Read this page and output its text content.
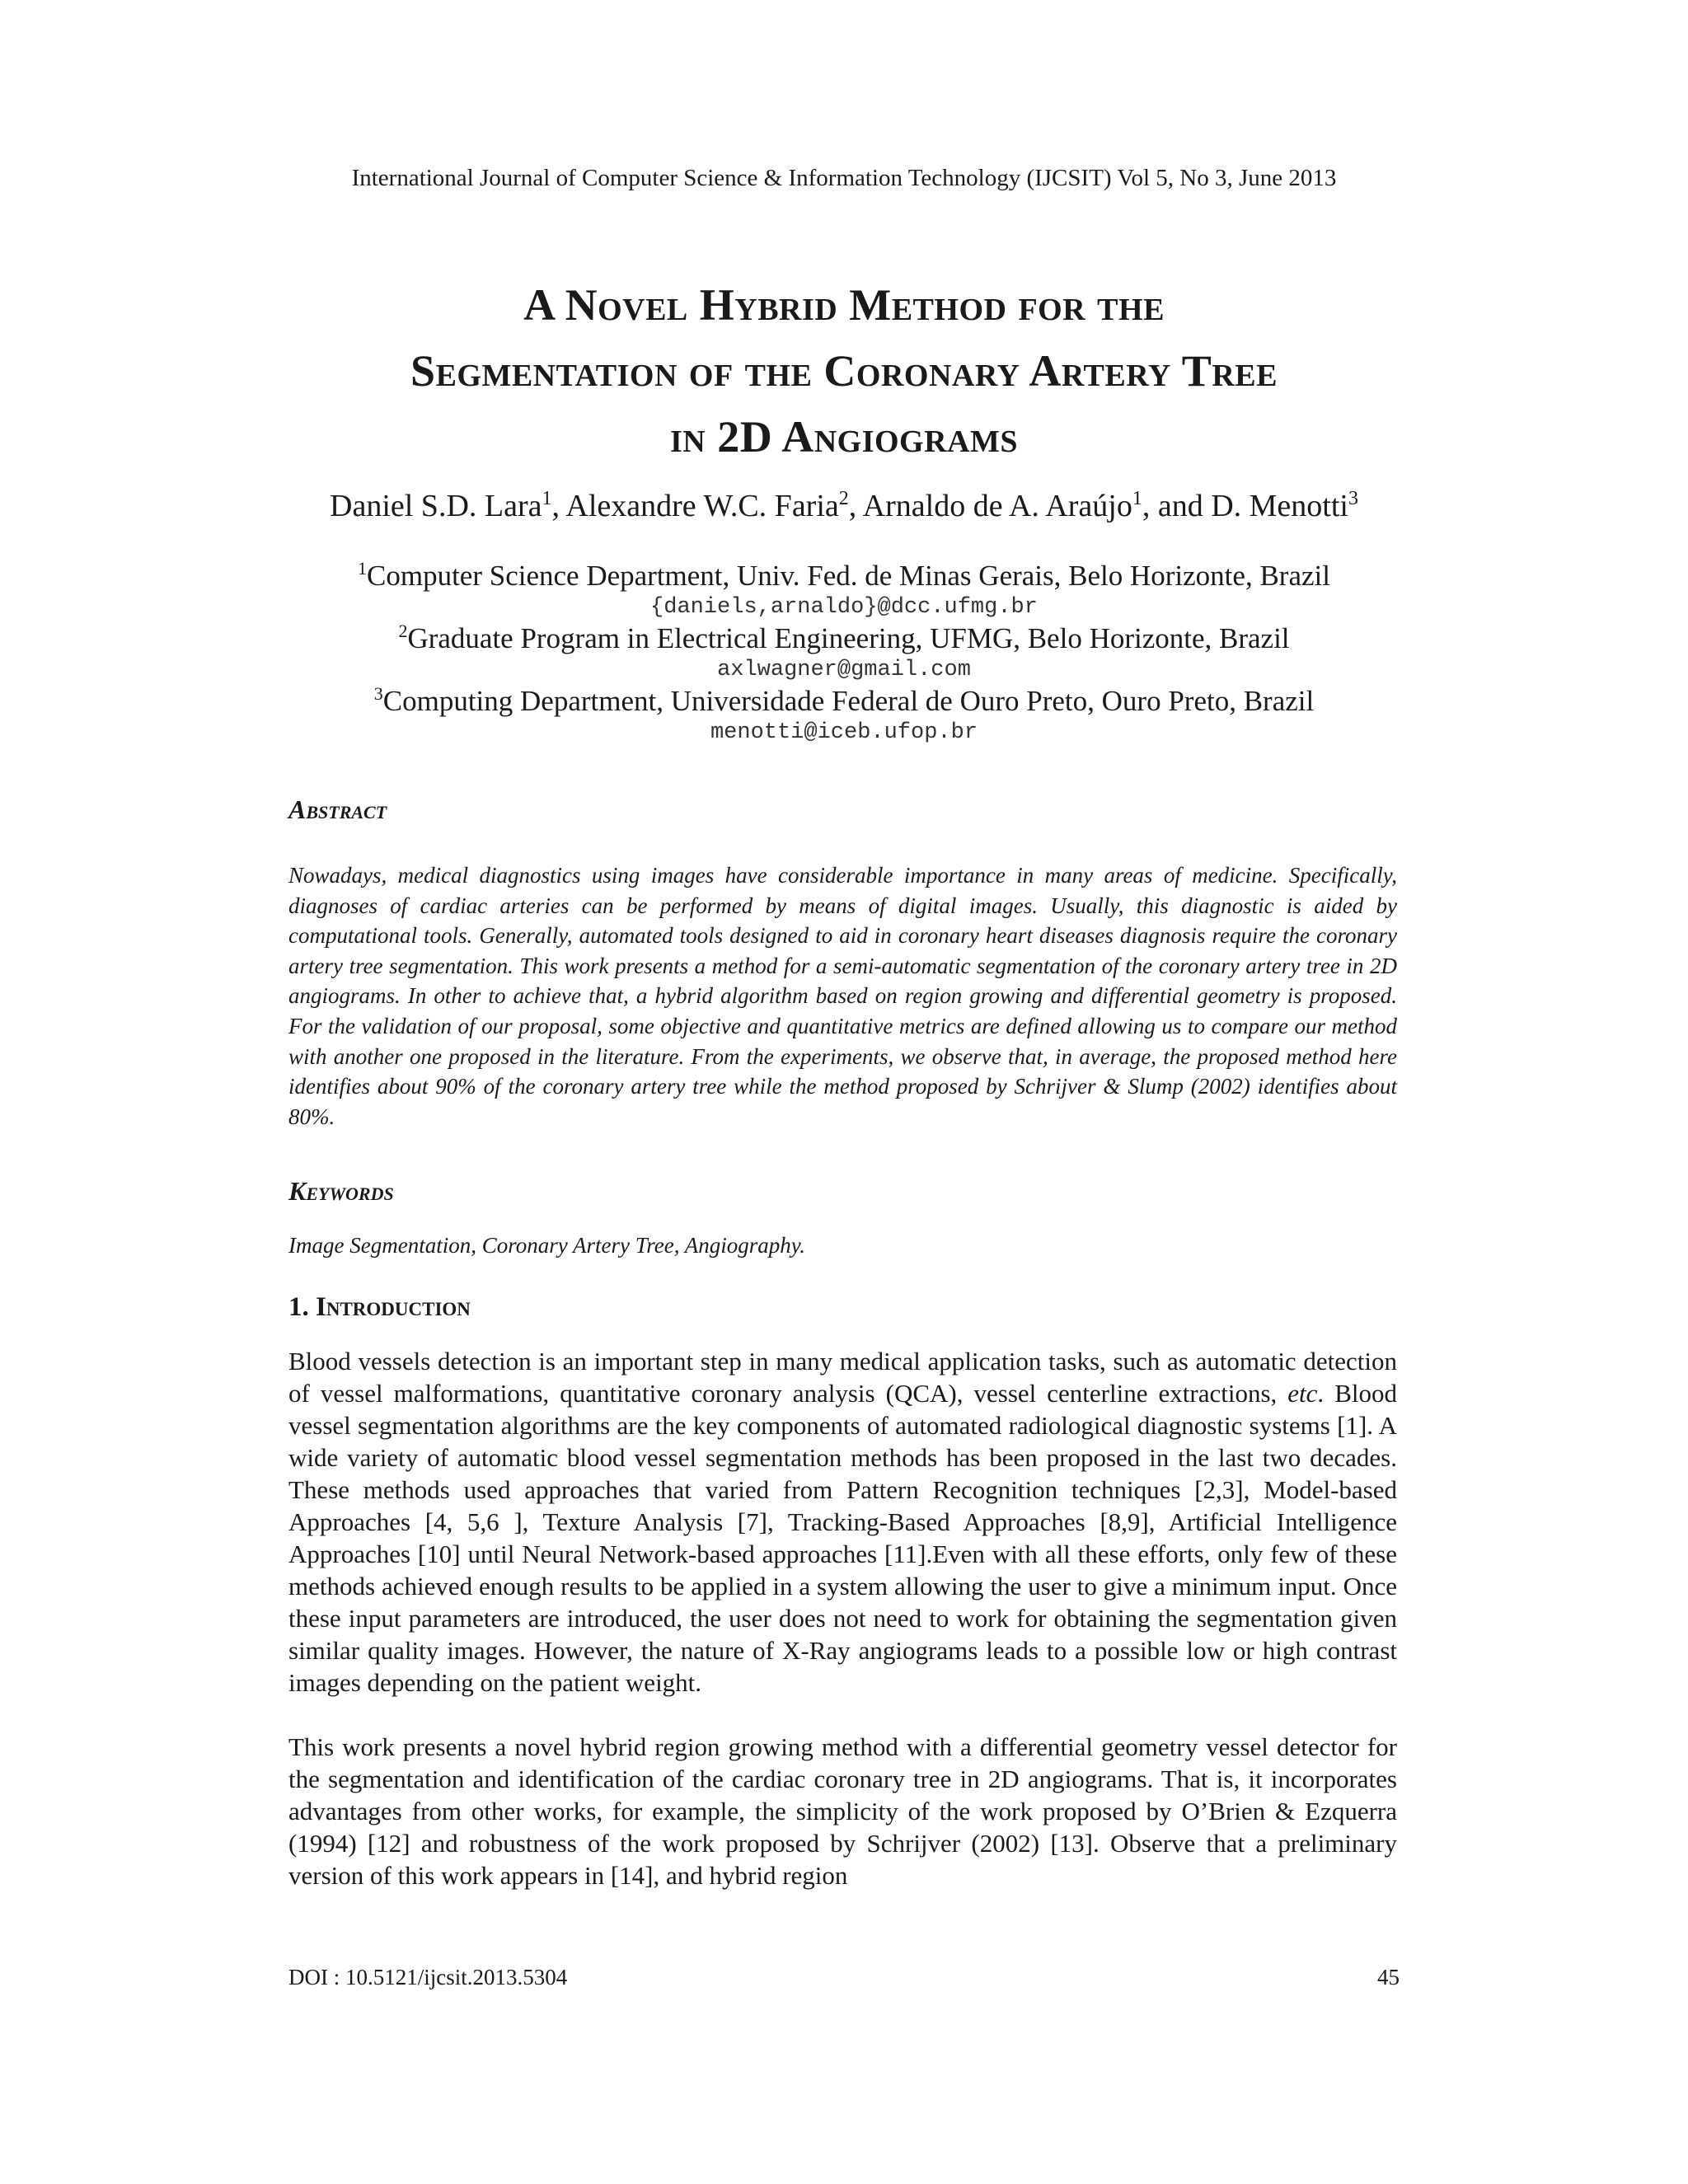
International Journal of Computer Science & Information Technology (IJCSIT) Vol 5, No 3, June 2013
A Novel Hybrid Method for the
Segmentation of the Coronary Artery Tree
in 2D Angiograms
Daniel S.D. Lara$^1$, Alexandre W.C. Faria$^2$, Arnaldo de A. Araújo$^1$, and D. Menotti$^3$
$^1$Computer Science Department, Univ. Fed. de Minas Gerais, Belo Horizonte, Brazil
{daniels,arnaldo}@dcc.ufmg.br
$^2$Graduate Program in Electrical Engineering, UFMG, Belo Horizonte, Brazil
axlwagner@gmail.com
$^3$Computing Department, Universidade Federal de Ouro Preto, Ouro Preto, Brazil
menotti@iceb.ufop.br
Abstract
Nowadays, medical diagnostics using images have considerable importance in many areas of medicine. Specifically, diagnoses of cardiac arteries can be performed by means of digital images. Usually, this diagnostic is aided by computational tools. Generally, automated tools designed to aid in coronary heart diseases diagnosis require the coronary artery tree segmentation. This work presents a method for a semi-automatic segmentation of the coronary artery tree in 2D angiograms. In other to achieve that, a hybrid algorithm based on region growing and differential geometry is proposed. For the validation of our proposal, some objective and quantitative metrics are defined allowing us to compare our method with another one proposed in the literature. From the experiments, we observe that, in average, the proposed method here identifies about 90% of the coronary artery tree while the method proposed by Schrijver & Slump (2002) identifies about 80%.
Keywords
Image Segmentation, Coronary Artery Tree, Angiography.
1. Introduction

Blood vessels detection is an important step in many medical application tasks, such as automatic detection of vessel malformations, quantitative coronary analysis (QCA), vessel centerline extractions, etc. Blood vessel segmentation algorithms are the key components of automated radiological diagnostic systems [1]. A wide variety of automatic blood vessel segmentation methods has been proposed in the last two decades. These methods used approaches that varied from Pattern Recognition techniques [2,3], Model-based Approaches [4, 5,6 ], Texture Analysis [7], Tracking-Based Approaches [8,9], Artificial Intelligence Approaches [10] until Neural Network-based approaches [11].Even with all these efforts, only few of these methods achieved enough results to be applied in a system allowing the user to give a minimum input. Once these input parameters are introduced, the user does not need to work for obtaining the segmentation given similar quality images. However, the nature of X-Ray angiograms leads to a possible low or high contrast images depending on the patient weight.

This work presents a novel hybrid region growing method with a differential geometry vessel detector for the segmentation and identification of the cardiac coronary tree in 2D angiograms. That is, it incorporates advantages from other works, for example, the simplicity of the work proposed by O’Brien & Ezquerra (1994) [12] and robustness of the work proposed by Schrijver (2002) [13]. Observe that a preliminary version of this work appears in [14], and hybrid region

DOI : 10.5121/ijcsit.2013.5304	45
